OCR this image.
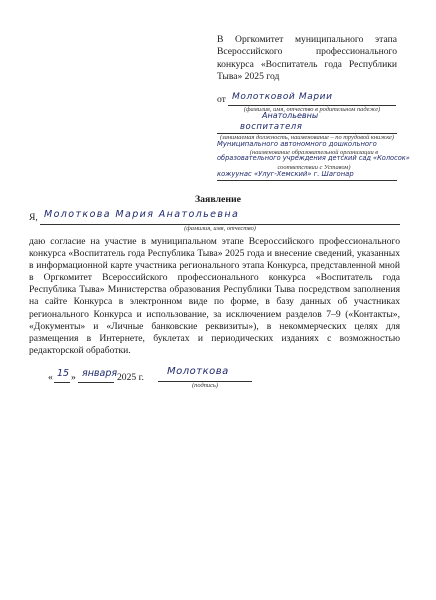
В Оргкомитет муниципального этапа Всероссийского профессионального конкурса «Воспитатель года Республики Тыва» 2025 год
от Молотковой Марии
(фамилия, имя, отчество в родительном падеже)
Анатольевны
воспитателя
(занимаемая должность, наименование – по трудовой книжке)
Муниципального автономного дошкольного
(наименование образовательной организации в
образовательного учреждения детский сад «Колосок»
соответствии с Уставом)
кожуунас «Улуг-Хемский» г. Шагонар
Заявление
Я, Молоткова Мария Анатольевна
(фамилия, имя, отчество)
даю согласие на участие в муниципальном этапе Всероссийского профессионального конкурса «Воспитатель года Республика Тыва» 2025 года и внесение сведений, указанных в информационной карте участника регионального этапа Конкурса, представленной мной в Оргкомитет Всероссийского профессионального конкурса «Воспитатель года Республика Тыва» Министерства образования Республики Тыва посредством заполнения на сайте Конкурса в электронном виде по форме, в базу данных об участниках регионального Конкурса и использование, за исключением разделов 7–9 («Контакты», «Документы» и «Личные банковские реквизиты»), в некоммерческих целях для размещения в Интернете, буклетах и периодических изданиях с возможностью редакторской обработки.
« 15 » января 2025 г.
Молоткова
(подпись)
